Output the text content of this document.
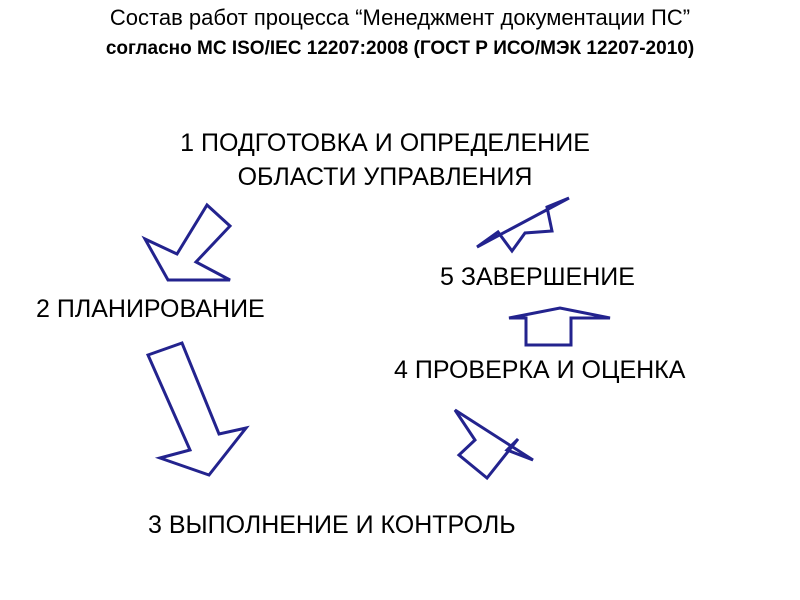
Состав работ процесса “Менеджмент документации ПС”
согласно МС ISO/IEC 12207:2008 (ГОСТ Р ИСО/МЭК 12207-2010)
1 ПОДГОТОВКА И ОПРЕДЕЛЕНИЕ
ОБЛАСТИ УПРАВЛЕНИЯ
2 ПЛАНИРОВАНИЕ
3 ВЫПОЛНЕНИЕ И КОНТРОЛЬ
4 ПРОВЕРКА И ОЦЕНКА
5 ЗАВЕРШЕНИЕ
